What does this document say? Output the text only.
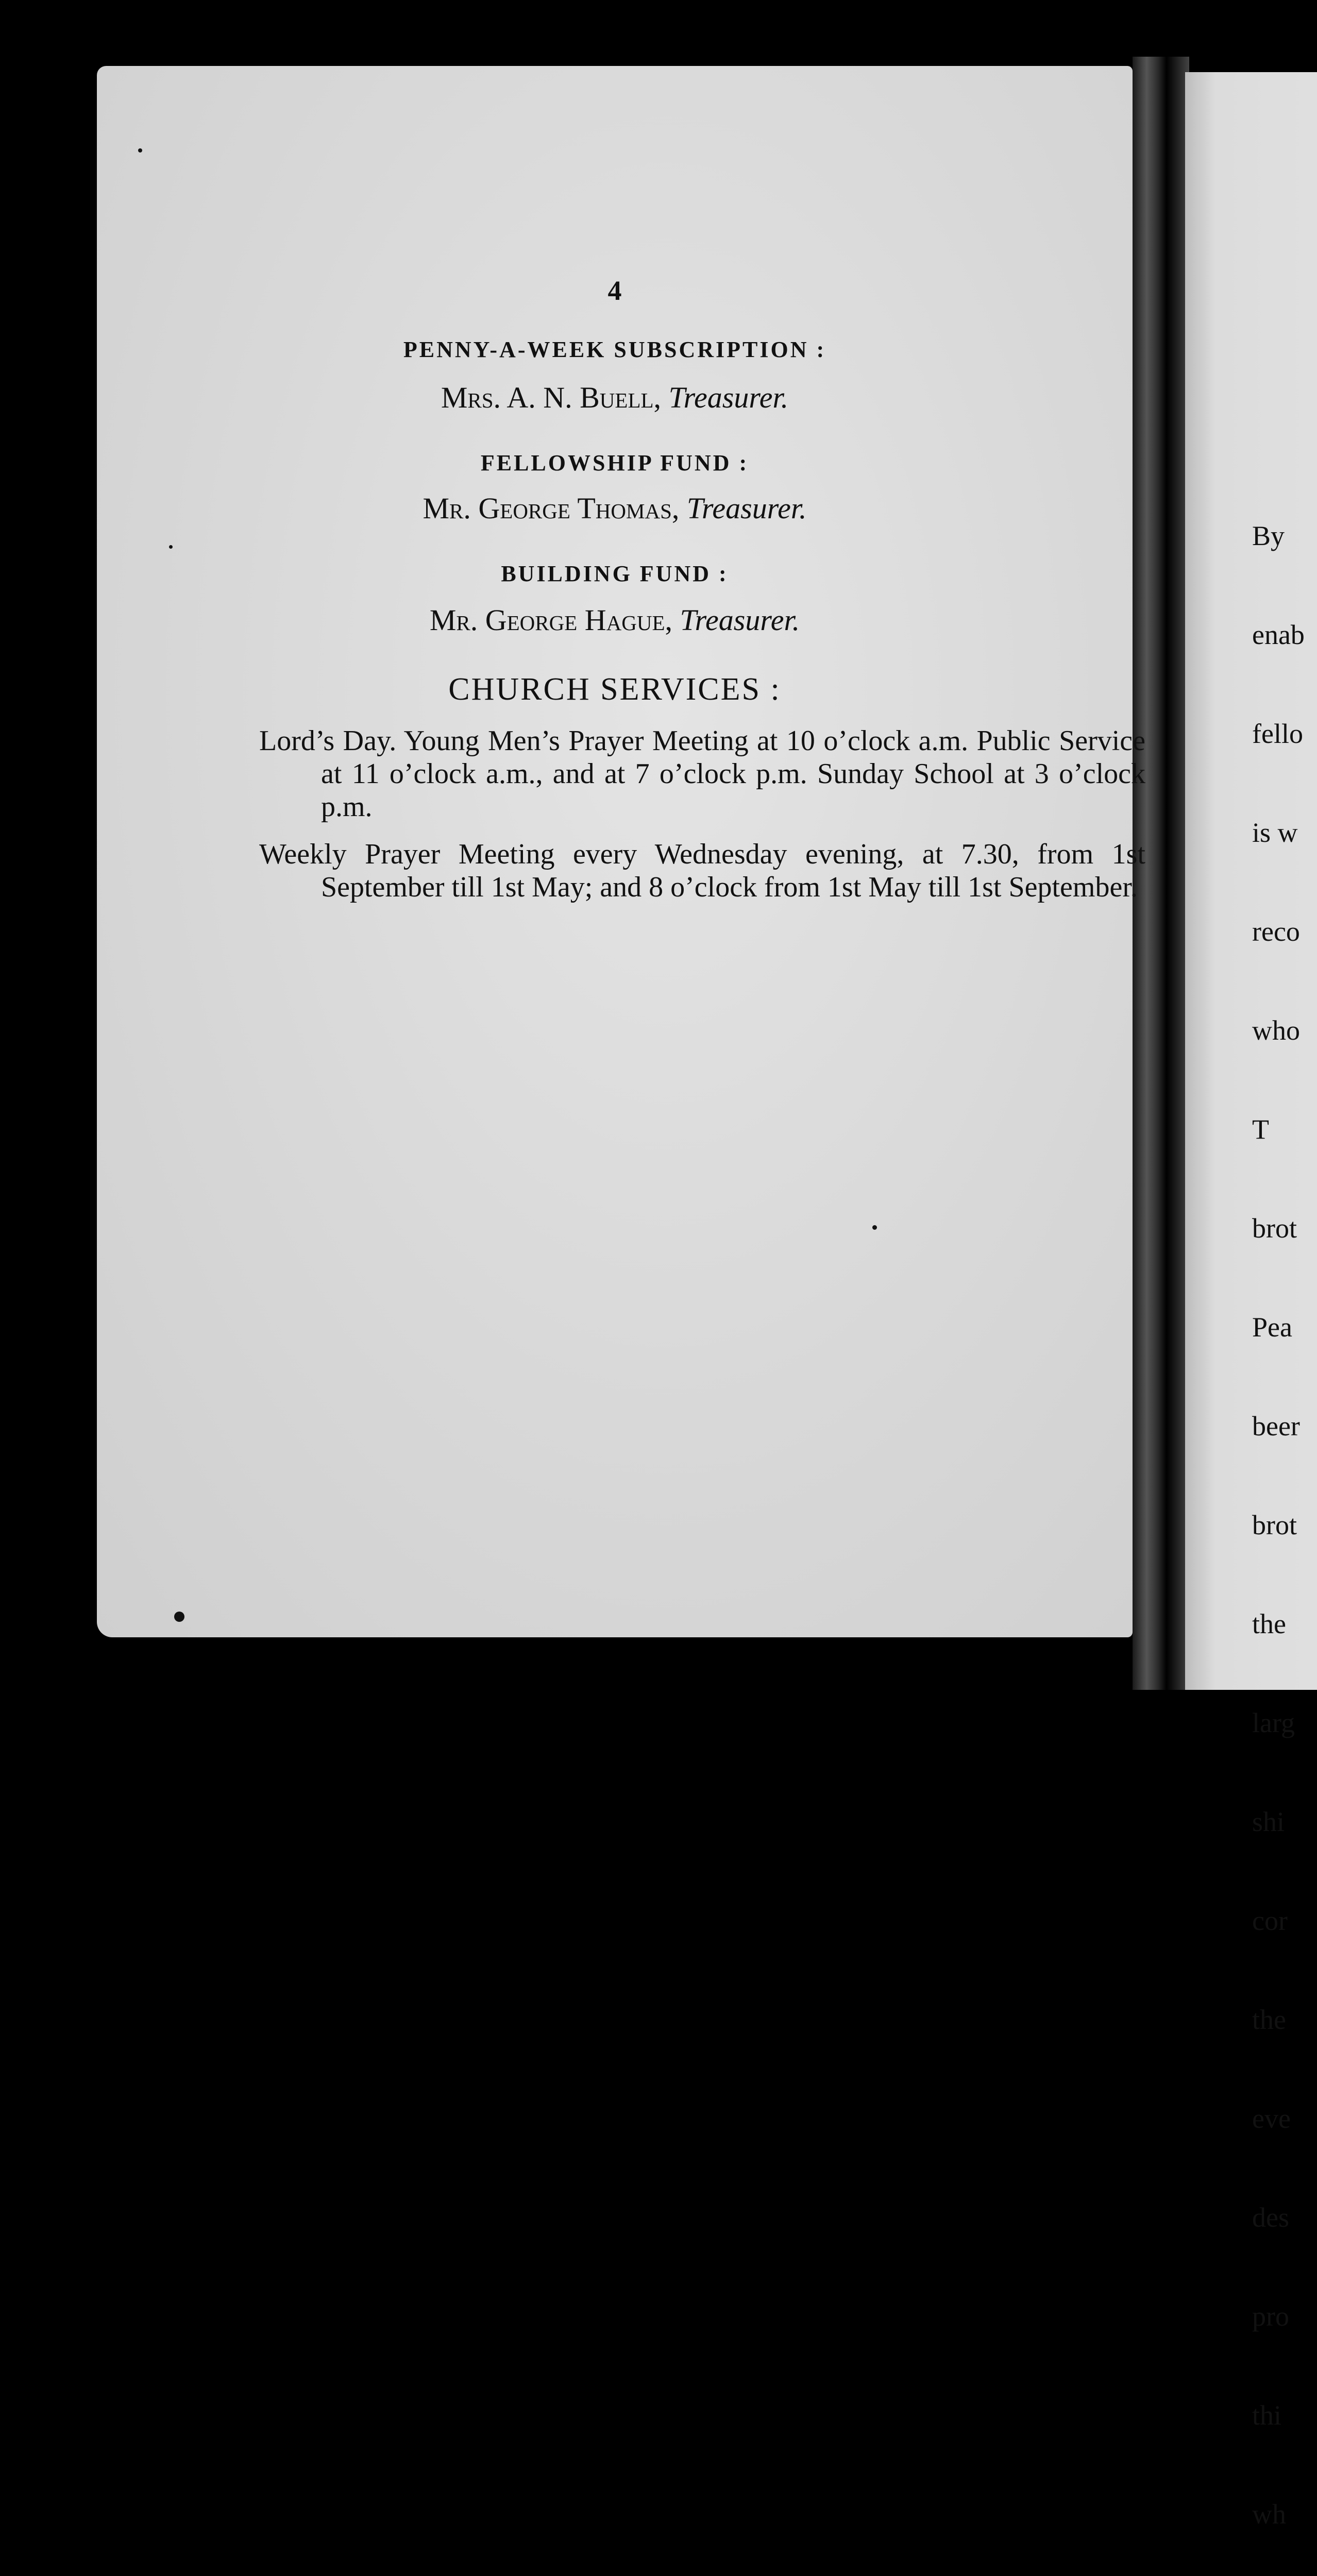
4
PENNY-A-WEEK SUBSCRIPTION :
Mrs. A. N. Buell, Treasurer.
FELLOWSHIP FUND :
Mr. George Thomas, Treasurer.
BUILDING FUND :
Mr. George Hague, Treasurer.
CHURCH SERVICES :

Lord’s Day. Young Men’s Prayer Meeting at 10 o’clock a.m. Public Service at 11 o’clock a.m., and at 7 o’clock p.m. Sunday School at 3 o’clock p.m.

Weekly Prayer Meeting every Wednesday evening, at 7.30, from 1st September till 1st May; and 8 o’clock from 1st May till 1st September.

By

enab

fello

is w

reco

who

T

brot

Pea

beer

brot

the

larg

shi

cor

the

eve

des

pro

thi

wh
